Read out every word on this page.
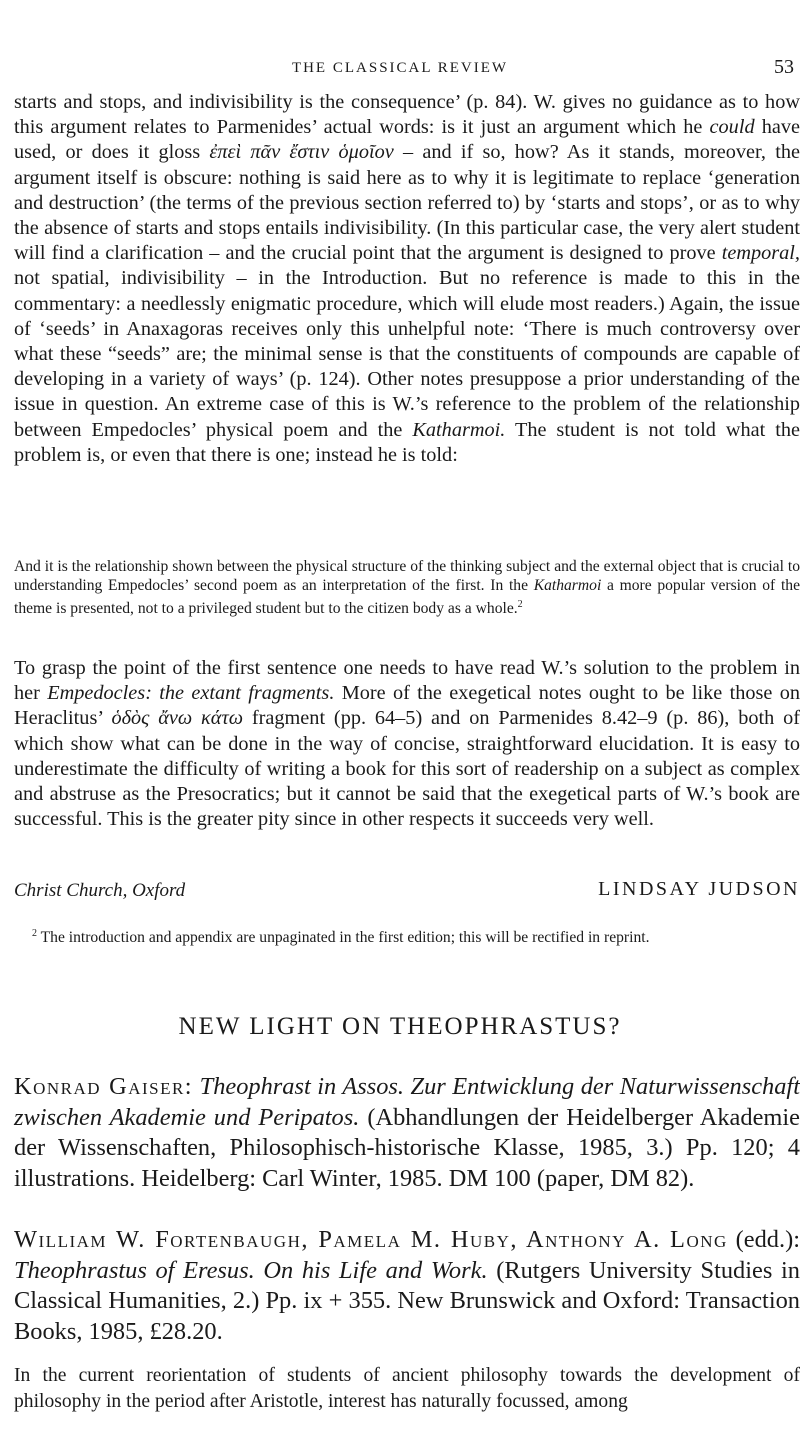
THE CLASSICAL REVIEW	53

starts and stops, and indivisibility is the consequence’ (p. 84). W. gives no guidance as to how this argument relates to Parmenides’ actual words: is it just an argument which he could have used, or does it gloss ἐπεὶ πᾶν ἔστιν ὁμοῖον – and if so, how? As it stands, moreover, the argument itself is obscure: nothing is said here as to why it is legitimate to replace ‘generation and destruction’ (the terms of the previous section referred to) by ‘starts and stops’, or as to why the absence of starts and stops entails indivisibility. (In this particular case, the very alert student will find a clarification – and the crucial point that the argument is designed to prove temporal, not spatial, indivisibility – in the Introduction. But no reference is made to this in the commentary: a needlessly enigmatic procedure, which will elude most readers.) Again, the issue of ‘seeds’ in Anaxagoras receives only this unhelpful note: ‘There is much controversy over what these “seeds” are; the minimal sense is that the constituents of compounds are capable of developing in a variety of ways’ (p. 124). Other notes presuppose a prior understanding of the issue in question. An extreme case of this is W.’s reference to the problem of the relationship between Empedocles’ physical poem and the Katharmoi. The student is not told what the problem is, or even that there is one; instead he is told:

And it is the relationship shown between the physical structure of the thinking subject and the external object that is crucial to understanding Empedocles’ second poem as an interpretation of the first. In the Katharmoi a more popular version of the theme is presented, not to a privileged student but to the citizen body as a whole.$^2$

To grasp the point of the first sentence one needs to have read W.’s solution to the problem in her Empedocles: the extant fragments. More of the exegetical notes ought to be like those on Heraclitus’ ὁδὸς ἄνω κάτω fragment (pp. 64–5) and on Parmenides 8.42–9 (p. 86), both of which show what can be done in the way of concise, straightforward elucidation. It is easy to underestimate the difficulty of writing a book for this sort of readership on a subject as complex and abstruse as the Presocratics; but it cannot be said that the exegetical parts of W.’s book are successful. This is the greater pity since in other respects it succeeds very well.

Christ Church, Oxford	LINDSAY JUDSON

$^2$ The introduction and appendix are unpaginated in the first edition; this will be rectified in reprint.

NEW LIGHT ON THEOPHRASTUS?

Konrad Gaiser: Theophrast in Assos. Zur Entwicklung der Naturwissenschaft zwischen Akademie und Peripatos. (Abhandlungen der Heidelberger Akademie der Wissenschaften, Philosophisch-historische Klasse, 1985, 3.) Pp. 120; 4 illustrations. Heidelberg: Carl Winter, 1985. DM 100 (paper, DM 82).

William W. Fortenbaugh, Pamela M. Huby, Anthony A. Long (edd.): Theophrastus of Eresus. On his Life and Work. (Rutgers University Studies in Classical Humanities, 2.) Pp. ix + 355. New Brunswick and Oxford: Transaction Books, 1985, £28.20.

In the current reorientation of students of ancient philosophy towards the development of philosophy in the period after Aristotle, interest has naturally focussed, among
